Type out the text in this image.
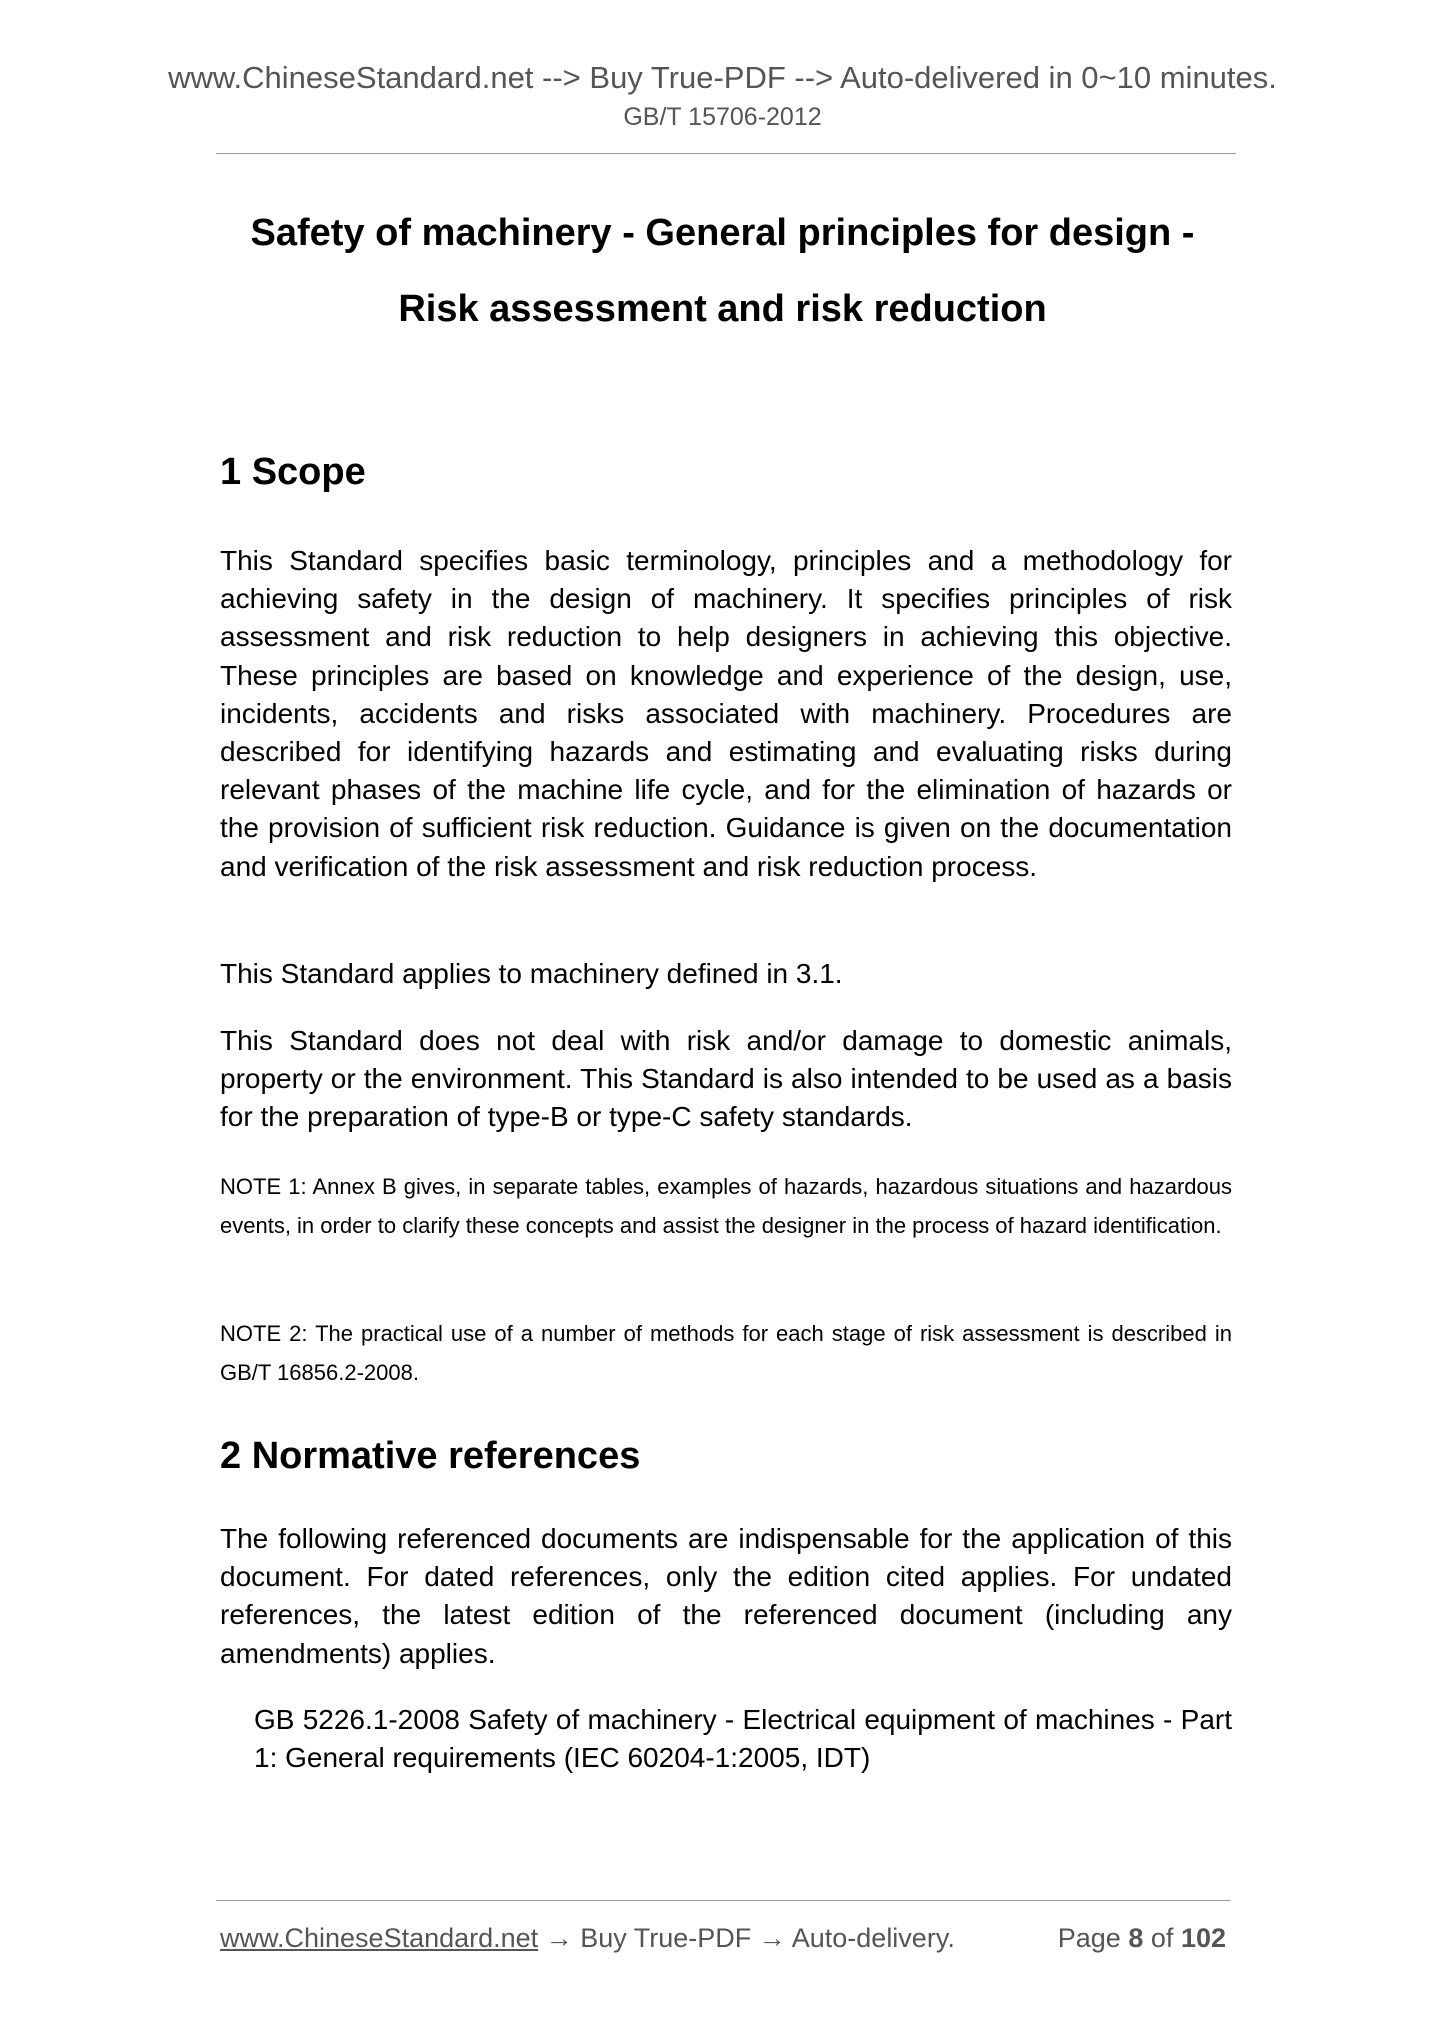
www.ChineseStandard.net --> Buy True-PDF --> Auto-delivered in 0~10 minutes.
GB/T 15706-2012
Safety of machinery - General principles for design -
Risk assessment and risk reduction
1 Scope

This Standard specifies basic terminology, principles and a methodology for achieving safety in the design of machinery. It specifies principles of risk assessment and risk reduction to help designers in achieving this objective. These principles are based on knowledge and experience of the design, use, incidents, accidents and risks associated with machinery. Procedures are described for identifying hazards and estimating and evaluating risks during relevant phases of the machine life cycle, and for the elimination of hazards or the provision of sufficient risk reduction. Guidance is given on the documentation and verification of the risk assessment and risk reduction process.

This Standard applies to machinery defined in 3.1.

This Standard does not deal with risk and/or damage to domestic animals, property or the environment. This Standard is also intended to be used as a basis for the preparation of type-B or type-C safety standards.

NOTE 1: Annex B gives, in separate tables, examples of hazards, hazardous situations and hazardous events, in order to clarify these concepts and assist the designer in the process of hazard identification.

NOTE 2: The practical use of a number of methods for each stage of risk assessment is described in GB/T 16856.2-2008.

2 Normative references

The following referenced documents are indispensable for the application of this document. For dated references, only the edition cited applies. For undated references, the latest edition of the referenced document (including any amendments) applies.

GB 5226.1-2008 Safety of machinery - Electrical equipment of machines - Part 1: General requirements (IEC 60204-1:2005, IDT)

www.ChineseStandard.net → Buy True-PDF → Auto-delivery.	Page 8 of 102
